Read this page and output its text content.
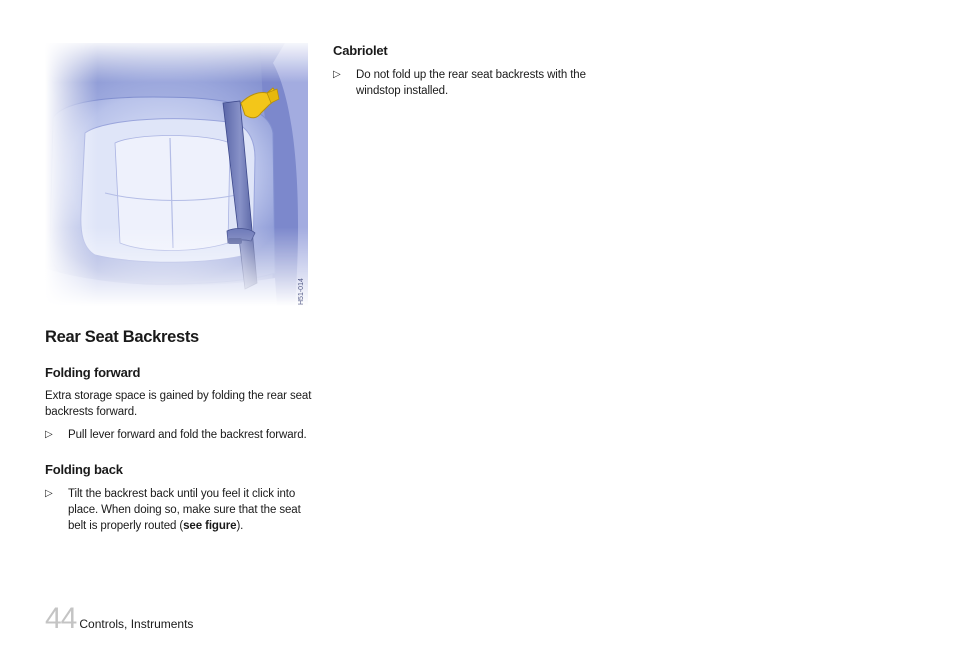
H51-014
Rear Seat Backrests
Folding forward

Extra storage space is gained by folding the rear seat backrests forward.

▷ Pull lever forward and fold the backrest forward.
Folding back
▷ Tilt the backrest back until you feel it click into place. When doing so, make sure that the seat belt is properly routed (see figure).
Cabriolet
▷ Do not fold up the rear seat backrests with the windstop installed.
44 Controls, Instruments
